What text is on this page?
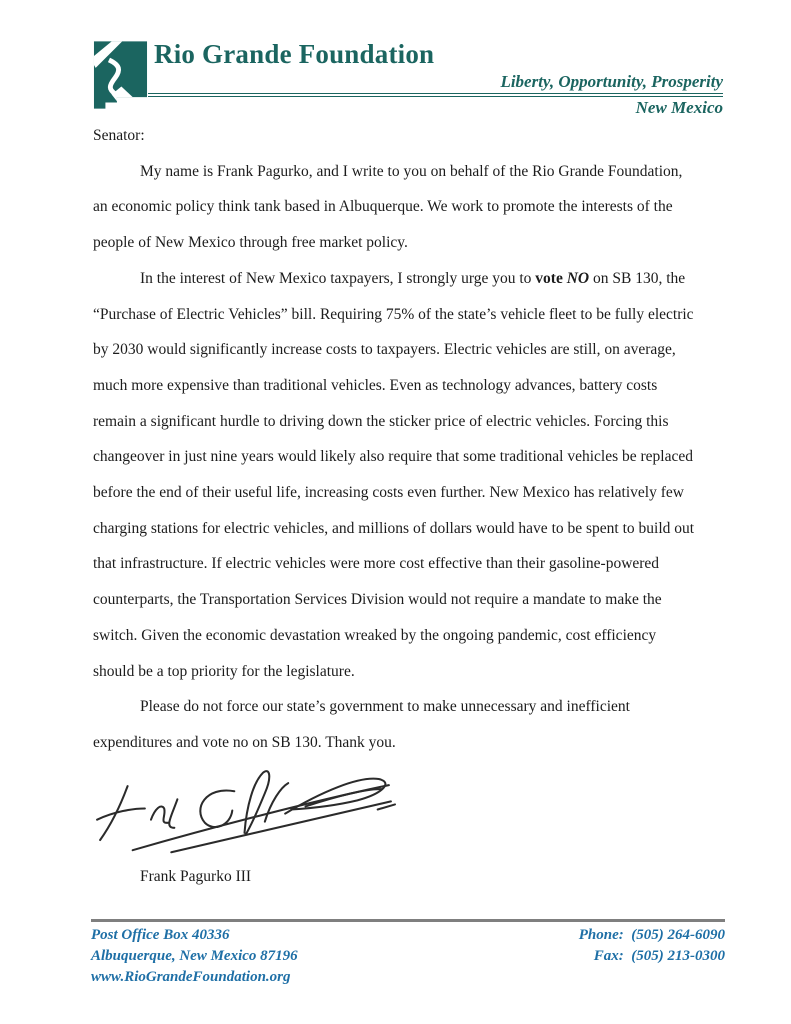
Rio Grande Foundation
Liberty, Opportunity, Prosperity
New Mexico

Senator:

My name is Frank Pagurko, and I write to you on behalf of the Rio Grande Foundation, an economic policy think tank based in Albuquerque. We work to promote the interests of the people of New Mexico through free market policy.

In the interest of New Mexico taxpayers, I strongly urge you to vote NO on SB 130, the “Purchase of Electric Vehicles” bill. Requiring 75% of the state’s vehicle fleet to be fully electric by 2030 would significantly increase costs to taxpayers. Electric vehicles are still, on average, much more expensive than traditional vehicles. Even as technology advances, battery costs remain a significant hurdle to driving down the sticker price of electric vehicles. Forcing this changeover in just nine years would likely also require that some traditional vehicles be replaced before the end of their useful life, increasing costs even further. New Mexico has relatively few charging stations for electric vehicles, and millions of dollars would have to be spent to build out that infrastructure. If electric vehicles were more cost effective than their gasoline-powered counterparts, the Transportation Services Division would not require a mandate to make the switch. Given the economic devastation wreaked by the ongoing pandemic, cost efficiency should be a top priority for the legislature.

Please do not force our state’s government to make unnecessary and inefficient expenditures and vote no on SB 130. Thank you.

Frank Pagurko III
Post Office Box 40336
Albuquerque, New Mexico 87196
www.RioGrandeFoundation.org
Phone:  (505) 264-6090
Fax:  (505) 213-0300
